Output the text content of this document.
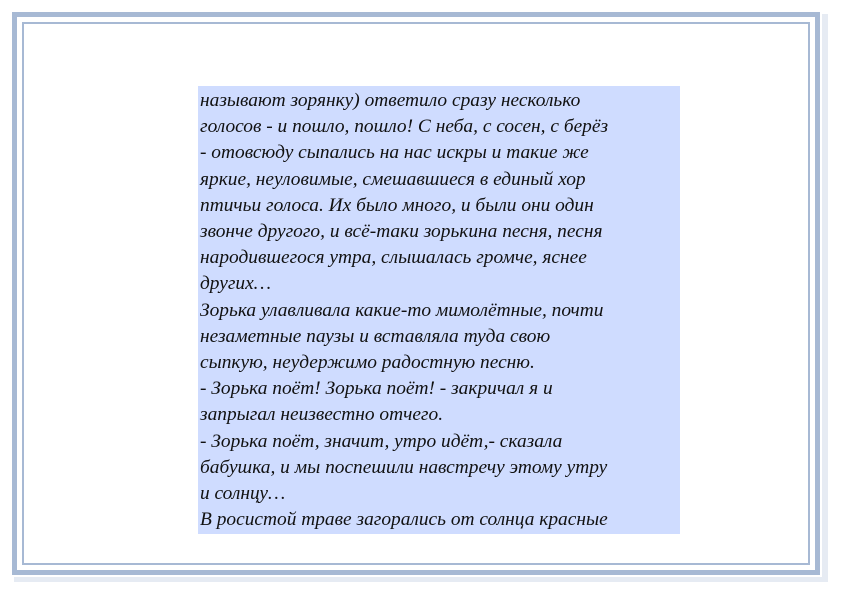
называют зорянку) ответило сразу несколько
голосов - и пошло, пошло! С неба, с сосен, с берёз
- отовсюду сыпались на нас искры и такие же
яркие, неуловимые, смешавшиеся в единый хор
птичьи голоса. Их было много, и были они один
звонче другого, и всё-таки зорькина песня, песня
народившегося утра, слышалась громче, яснее
других…
Зорька улавливала какие-то мимолётные, почти
незаметные паузы и вставляла туда свою
сыпкую, неудержимо радостную песню.
- Зорька поёт! Зорька поёт! - закричал я и
запрыгал неизвестно отчего.
- Зорька поёт, значит, утро идёт,- сказала
бабушка, и мы поспешили навстречу этому утру
и солнцу…
В росистой траве загорались от солнца красные
